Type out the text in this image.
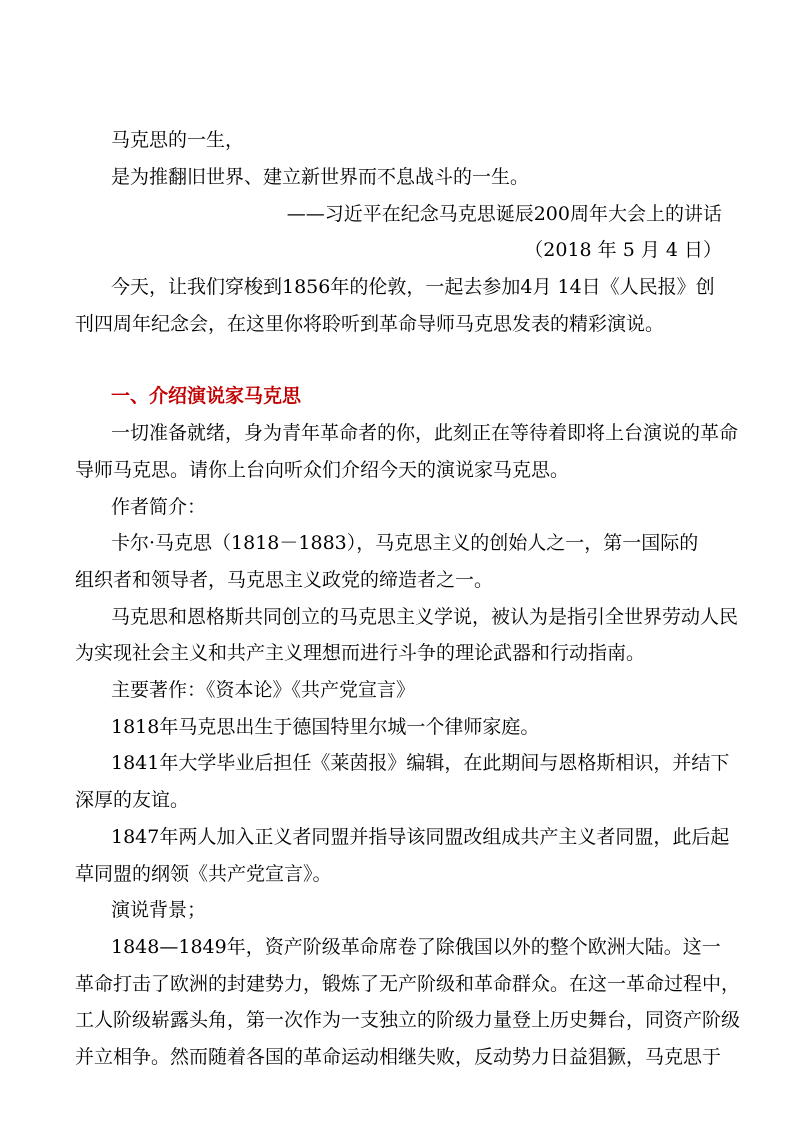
马克思的一生，
是为推翻旧世界、建立新世界而不息战斗的一生。
——习近平在纪念马克思诞辰200周年大会上的讲话
（2018 年 5 月 4 日）
今天，让我们穿梭到1856年的伦敦，一起去参加4月 14日《人民报》创
刊四周年纪念会，在这里你将聆听到革命导师马克思发表的精彩演说。
一、介绍演说家马克思
一切准备就绪，身为青年革命者的你，此刻正在等待着即将上台演说的革命
导师马克思。请你上台向听众们介绍今天的演说家马克思。
作者简介：
卡尔·马克思（1818－1883），马克思主义的创始人之一，第一国际的
组织者和领导者，马克思主义政党的缔造者之一。
马克思和恩格斯共同创立的马克思主义学说，被认为是指引全世界劳动人民
为实现社会主义和共产主义理想而进行斗争的理论武器和行动指南。
主要著作：《资本论》《共产党宣言》
1818年马克思出生于德国特里尔城一个律师家庭。
1841年大学毕业后担任《莱茵报》编辑，在此期间与恩格斯相识，并结下
深厚的友谊。
1847年两人加入正义者同盟并指导该同盟改组成共产主义者同盟，此后起
草同盟的纲领《共产党宣言》。
演说背景；
1848—1849年，资产阶级革命席卷了除俄国以外的整个欧洲大陆。这一
革命打击了欧洲的封建势力，锻炼了无产阶级和革命群众。在这一革命过程中，
工人阶级崭露头角，第一次作为一支独立的阶级力量登上历史舞台，同资产阶级
并立相争。然而随着各国的革命运动相继失败，反动势力日益猖獗，马克思于
